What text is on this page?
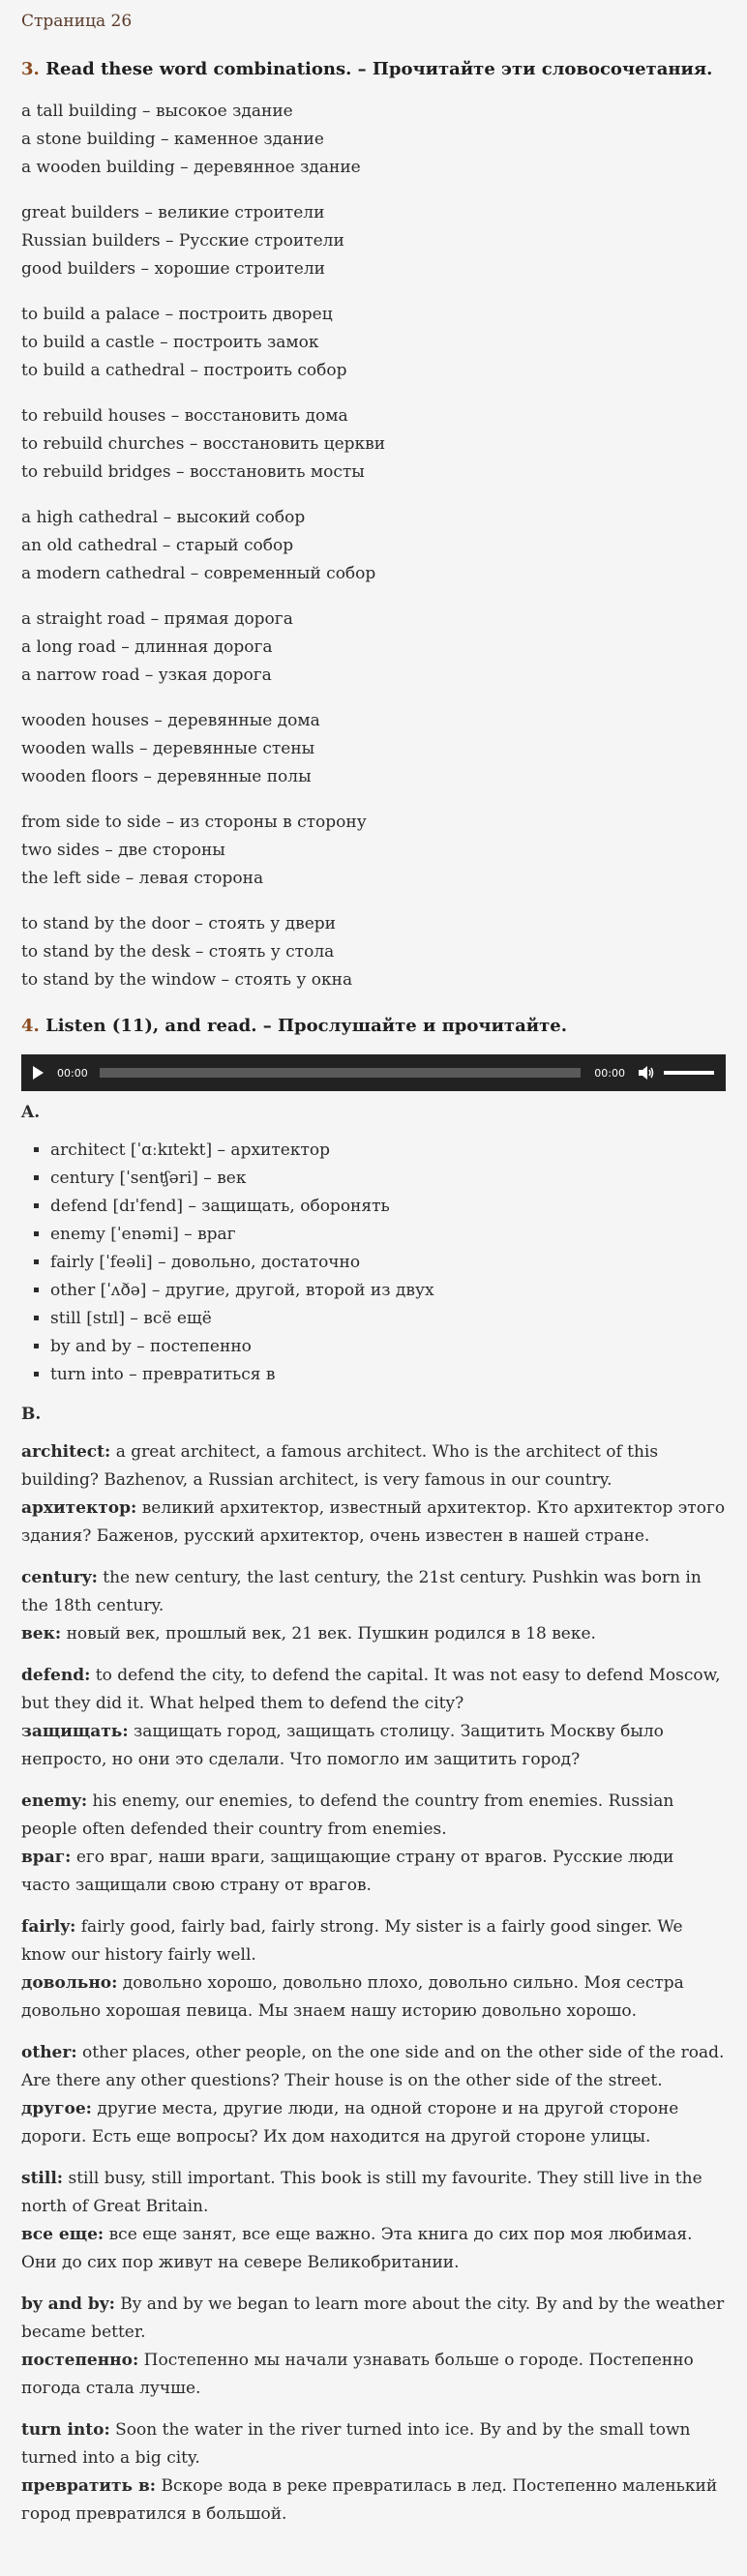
Страница 26
3. Read these word combinations. – Прочитайте эти словосочетания.

a tall building – высокое здание

a stone building – каменное здание

a wooden building – деревянное здание

great builders – великие строители

Russian builders – Русские строители

good builders – хорошие строители

to build a palace – построить дворец

to build a castle – построить замок

to build a cathedral – построить собор

to rebuild houses – восстановить дома

to rebuild churches – восстановить церкви

to rebuild bridges – восстановить мосты

a high cathedral – высокий собор

an old cathedral – старый собор

a modern cathedral – современный собор

a straight road – прямая дорога

a long road – длинная дорога

a narrow road – узкая дорога

wooden houses – деревянные дома

wooden walls – деревянные стены

wooden floors – деревянные полы

from side to side – из стороны в сторону

two sides – две стороны

the left side – левая сторона

to stand by the door – стоять у двери

to stand by the desk – стоять у стола

to stand by the window – стоять у окна

4. Listen (11), and read. – Прослушайте и прочитайте.
00:00	00:00
A.
▪ architect [ˈɑːkɪtekt] – архитектор
▪ century [ˈsenʧəri] – век
▪ defend [dɪˈfend] – защищать, оборонять
▪ enemy [ˈenəmi] – враг
▪ fairly [ˈfeəli] – довольно, достаточно
▪ other [ˈʌðə] – другие, другой, второй из двух
▪ still [stɪl] – всё ещё
▪ by and by – постепенно
▪ turn into – превратиться в
B.

architect: a great architect, a famous architect. Who is the architect of this building? Bazhenov, a Russian architect, is very famous in our country.

архитектор: великий архитектор, известный архитектор. Кто архитектор этого здания? Баженов, русский архитектор, очень известен в нашей стране.

century: the new century, the last century, the 21st century. Pushkin was born in the 18th century.

век: новый век, прошлый век, 21 век. Пушкин родился в 18 веке.

defend: to defend the city, to defend the capital. It was not easy to defend Moscow, but they did it. What helped them to defend the city?

защищать: защищать город, защищать столицу. Защитить Москву было непросто, но они это сделали. Что помогло им защитить город?

enemy: his enemy, our enemies, to defend the country from enemies. Russian people often defended their country from enemies.

враг: его враг, наши враги, защищающие страну от врагов. Русские люди часто защищали свою страну от врагов.

fairly: fairly good, fairly bad, fairly strong. My sister is a fairly good singer. We know our history fairly well.

довольно: довольно хорошо, довольно плохо, довольно сильно. Моя сестра довольно хорошая певица. Мы знаем нашу историю довольно хорошо.

other: other places, other people, on the one side and on the other side of the road. Are there any other questions? Their house is on the other side of the street.

другое: другие места, другие люди, на одной стороне и на другой стороне дороги. Есть еще вопросы? Их дом находится на другой стороне улицы.

still: still busy, still important. This book is still my favourite. They still live in the north of Great Britain.

все еще: все еще занят, все еще важно. Эта книга до сих пор моя любимая. Они до сих пор живут на севере Великобритании.

by and by: By and by we began to learn more about the city. By and by the weather became better.

постепенно: Постепенно мы начали узнавать больше о городе. Постепенно погода стала лучше.

turn into: Soon the water in the river turned into ice. By and by the small town turned into a big city.

превратить в: Вскоре вода в реке превратилась в лед. Постепенно маленький город превратился в большой.
